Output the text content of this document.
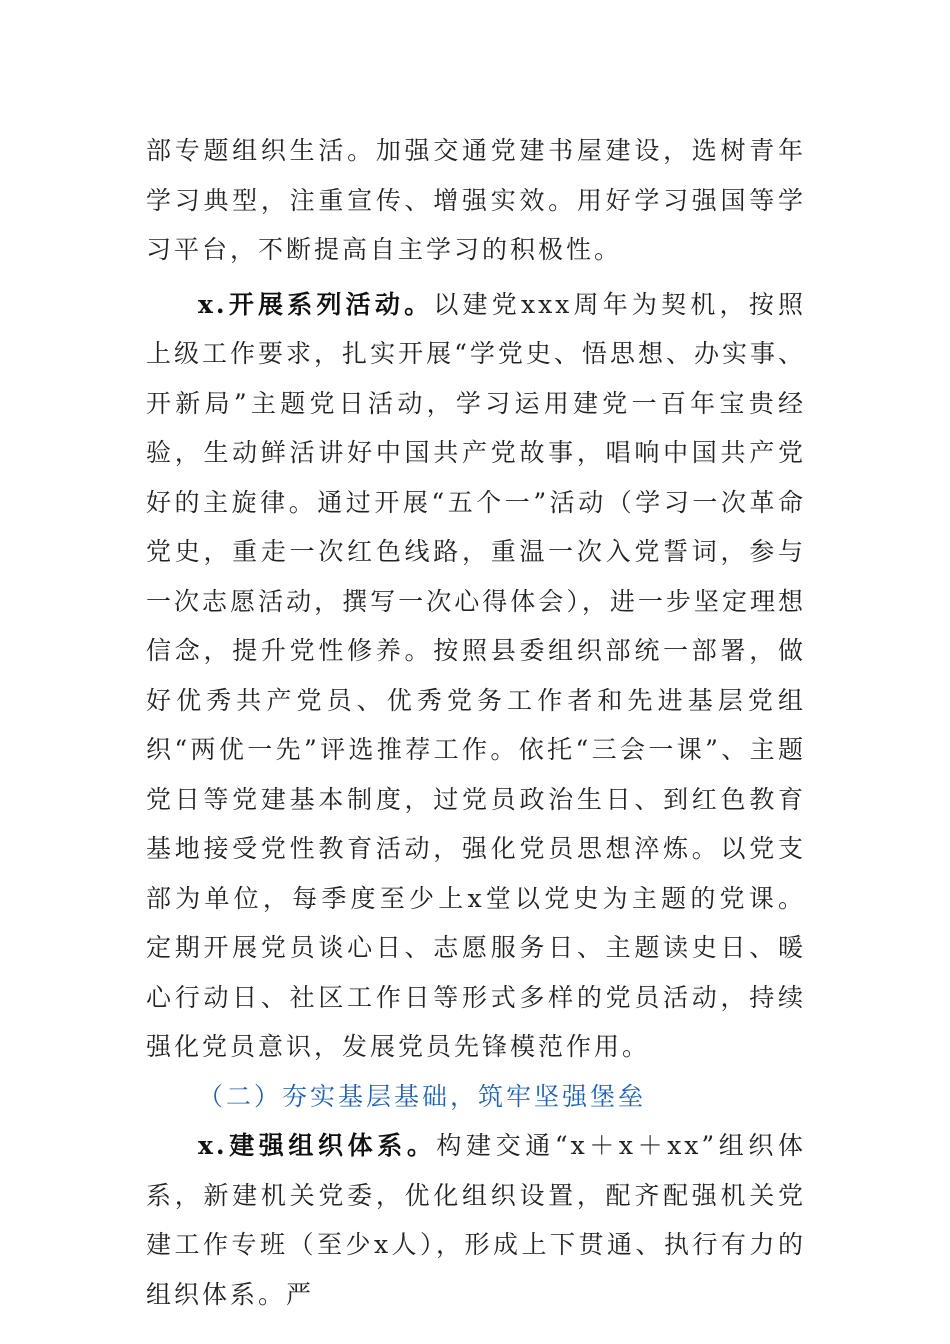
部专题组织生活。加强交通党建书屋建设，选树青年学习典型，注重宣传、增强实效。用好学习强国等学习平台，不断提高自主学习的积极性。

x.开展系列活动。以建党xxx周年为契机，按照上级工作要求，扎实开展“学党史、悟思想、办实事、开新局”主题党日活动，学习运用建党一百年宝贵经验，生动鲜活讲好中国共产党故事，唱响中国共产党好的主旋律。通过开展“五个一”活动（学习一次革命党史，重走一次红色线路，重温一次入党誓词，参与一次志愿活动，撰写一次心得体会），进一步坚定理想信念，提升党性修养。按照县委组织部统一部署，做好优秀共产党员、优秀党务工作者和先进基层党组织“两优一先”评选推荐工作。依托“三会一课”、主题党日等党建基本制度，过党员政治生日、到红色教育基地接受党性教育活动，强化党员思想淬炼。以党支部为单位，每季度至少上x堂以党史为主题的党课。定期开展党员谈心日、志愿服务日、主题读史日、暖心行动日、社区工作日等形式多样的党员活动，持续强化党员意识，发展党员先锋模范作用。

（二）夯实基层基础，筑牢坚强堡垒

x.建强组织体系。构建交通“x＋x＋xx”组织体系，新建机关党委，优化组织设置，配齐配强机关党建工作专班（至少x人），形成上下贯通、执行有力的组织体系。严
